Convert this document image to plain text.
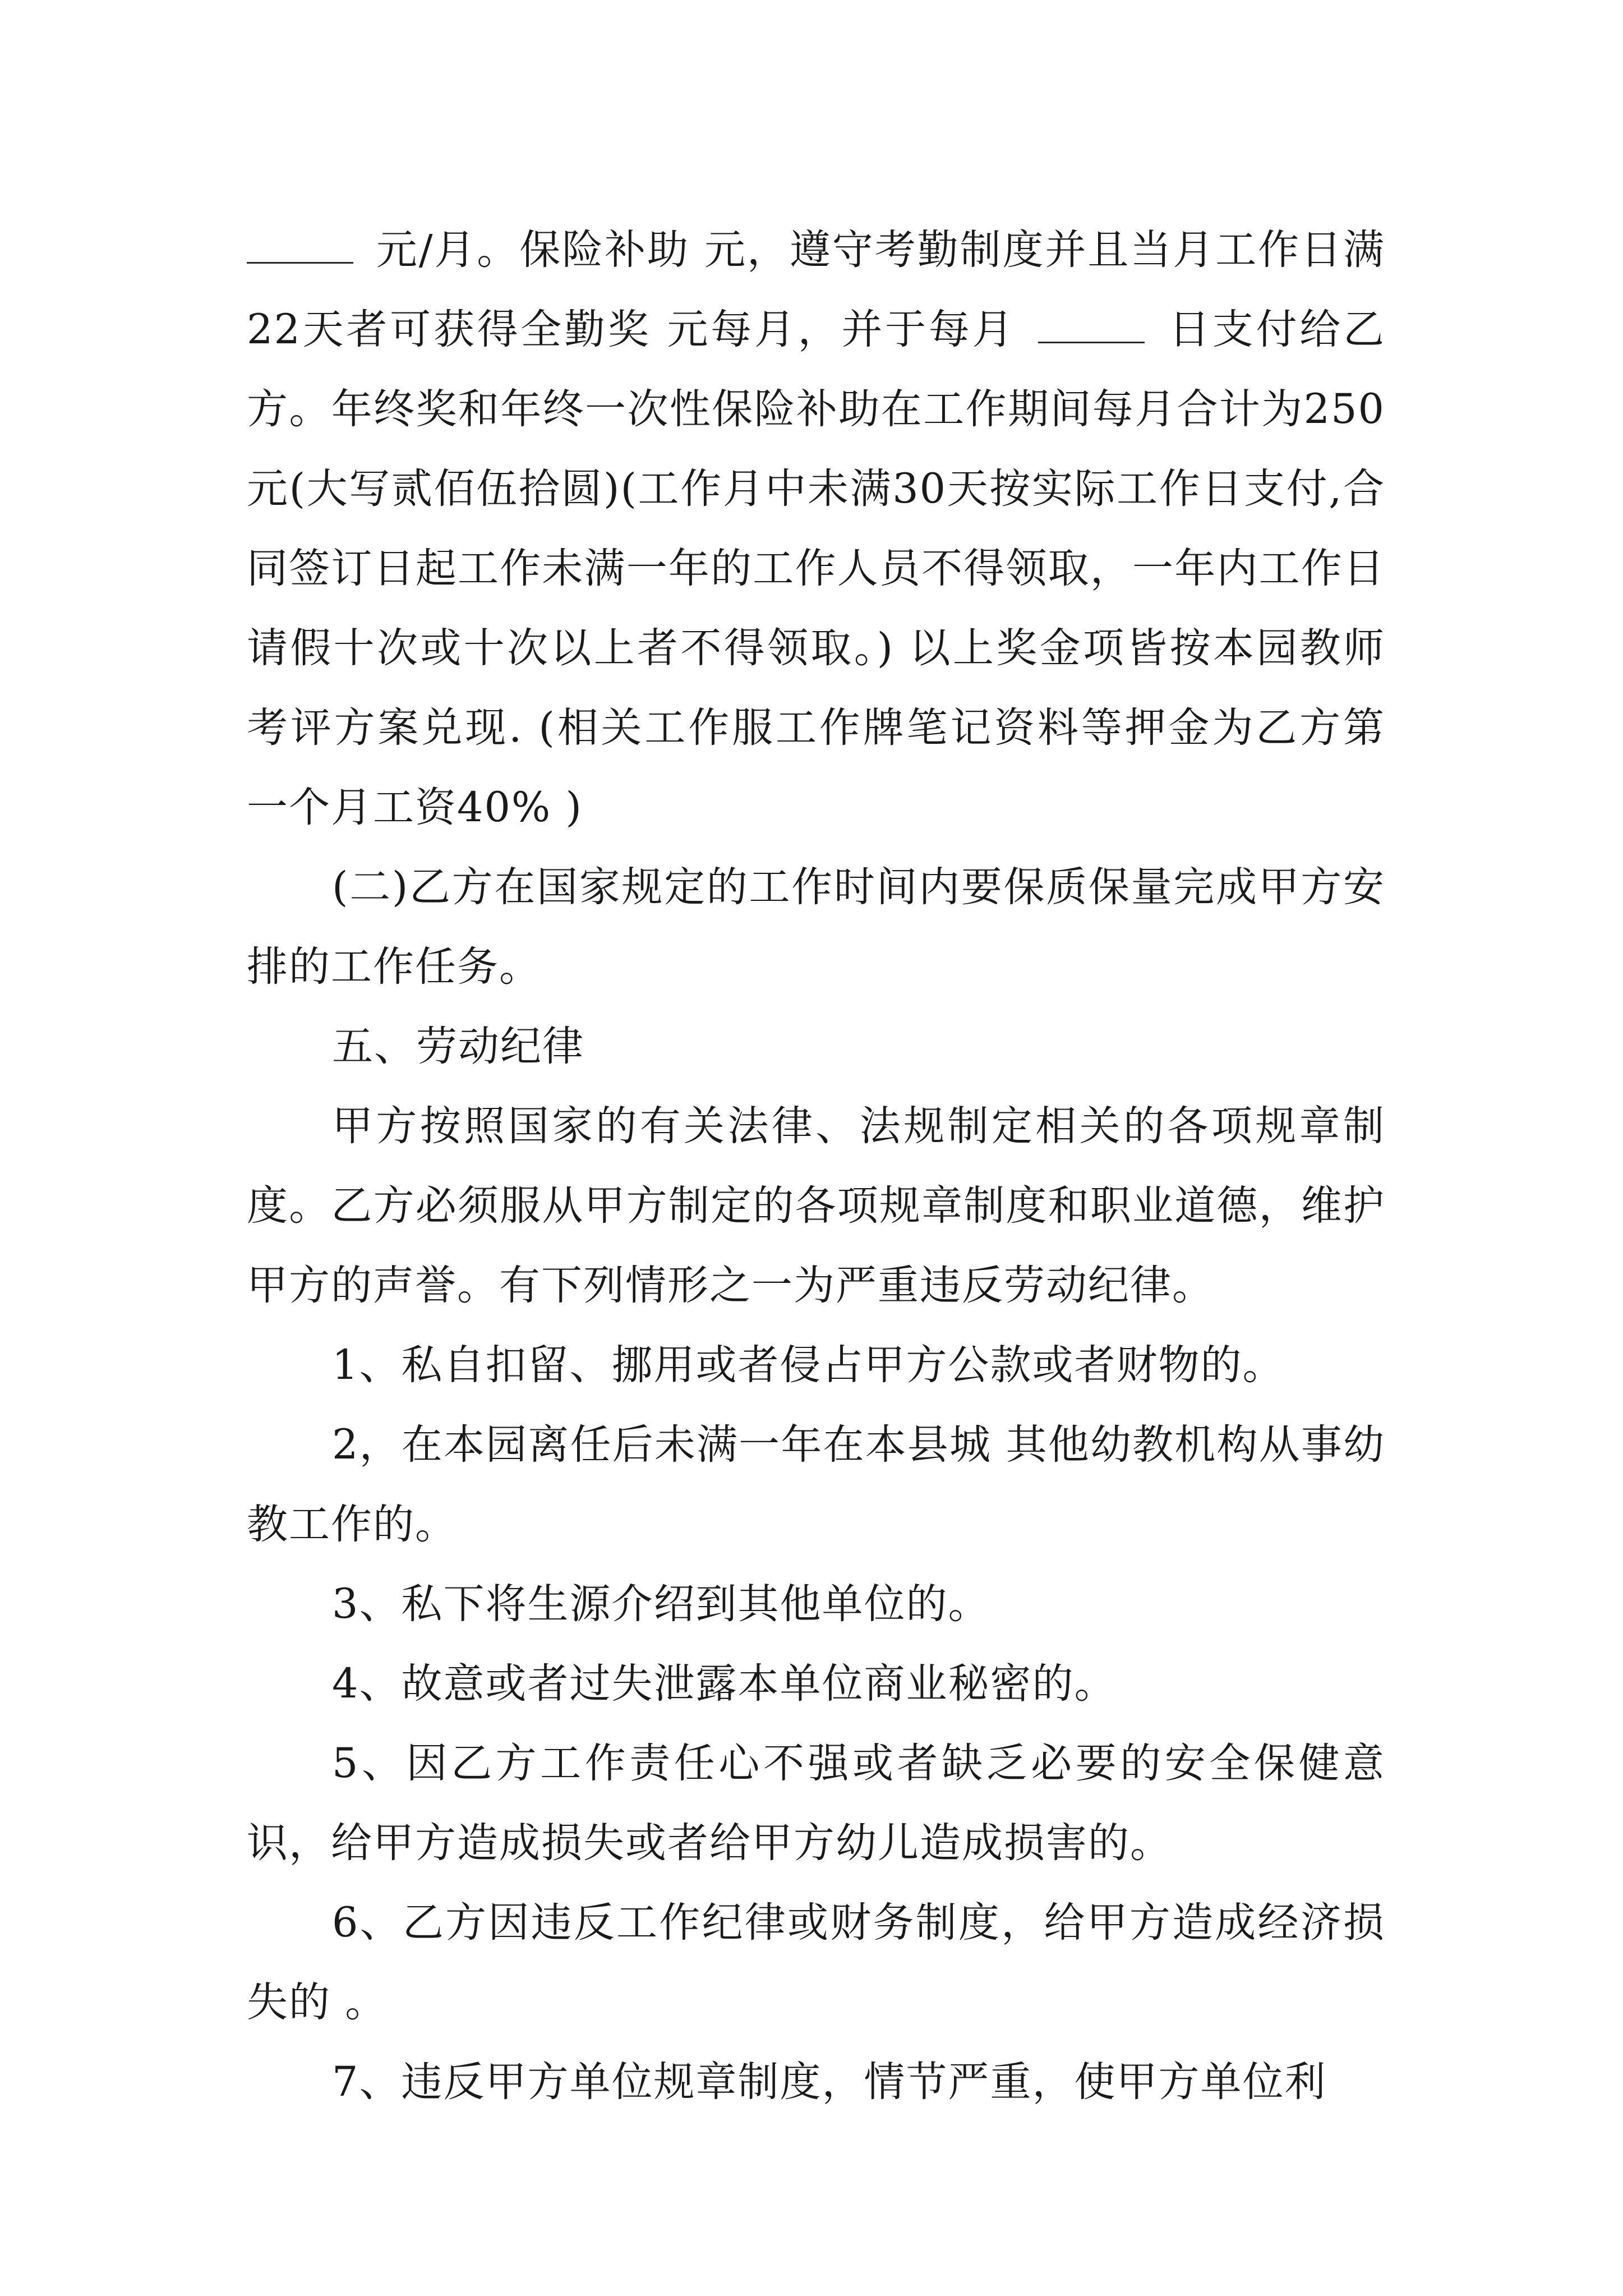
元/月。保险补助 元，遵守考勤制度并且当月工作日满22天者可获得全勤奖 元每月，并于每月	日支付给乙方。年终奖和年终一次性保险补助在工作期间每月合计为250元(大写贰佰伍拾圆)(工作月中未满30天按实际工作日支付,合同签订日起工作未满一年的工作人员不得领取，一年内工作日请假十次或十次以上者不得领取。) 以上奖金项皆按本园教师考评方案兑现. (相关工作服工作牌笔记资料等押金为乙方第一个月工资40% )

(二)乙方在国家规定的工作时间内要保质保量完成甲方安排的工作任务。

五、劳动纪律

甲方按照国家的有关法律、法规制定相关的各项规章制度。乙方必须服从甲方制定的各项规章制度和职业道德，维护甲方的声誉。有下列情形之一为严重违反劳动纪律。

1、私自扣留、挪用或者侵占甲方公款或者财物的。

2，在本园离任后未满一年在本县城 其他幼教机构从事幼教工作的。

3、私下将生源介绍到其他单位的。

4、故意或者过失泄露本单位商业秘密的。

5、因乙方工作责任心不强或者缺乏必要的安全保健意识，给甲方造成损失或者给甲方幼儿造成损害的。

6、乙方因违反工作纪律或财务制度，给甲方造成经济损失的 。

7、违反甲方单位规章制度，情节严重，使甲方单位利
